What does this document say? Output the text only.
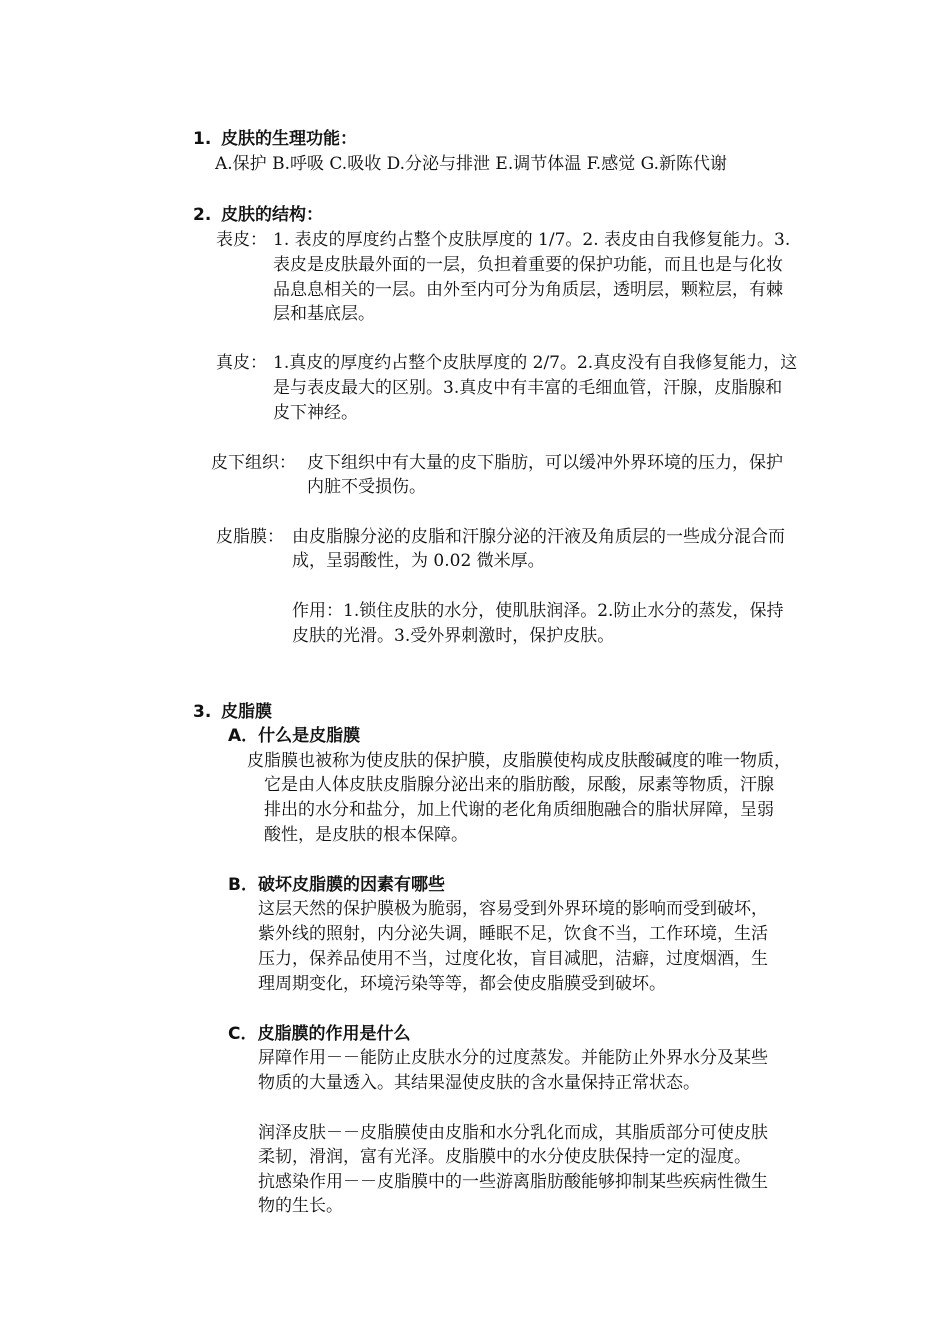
1. 皮肤的生理功能：
A.保护 B.呼吸 C.吸收 D.分泌与排泄 E.调节体温 F.感觉 G.新陈代谢
2. 皮肤的结构：
表皮： 1. 表皮的厚度约占整个皮肤厚度的 1/7。2. 表皮由自我修复能力。3.
表皮是皮肤最外面的一层，负担着重要的保护功能，而且也是与化妆
品息息相关的一层。由外至内可分为角质层，透明层，颗粒层，有棘
层和基底层。
真皮： 1.真皮的厚度约占整个皮肤厚度的 2/7。2.真皮没有自我修复能力，这
是与表皮最大的区别。3.真皮中有丰富的毛细血管，汗腺，皮脂腺和
皮下神经。
皮下组织： 皮下组织中有大量的皮下脂肪，可以缓冲外界环境的压力，保护
内脏不受损伤。
皮脂膜： 由皮脂腺分泌的皮脂和汗腺分泌的汗液及角质层的一些成分混合而
成，呈弱酸性，为 0.02 微米厚。
作用：1.锁住皮肤的水分，使肌肤润泽。2.防止水分的蒸发，保持
皮肤的光滑。3.受外界刺激时，保护皮肤。
3. 皮脂膜
A．什么是皮脂膜
皮脂膜也被称为使皮肤的保护膜，皮脂膜使构成皮肤酸碱度的唯一物质，
它是由人体皮肤皮脂腺分泌出来的脂肪酸，尿酸，尿素等物质，汗腺
排出的水分和盐分，加上代谢的老化角质细胞融合的脂状屏障，呈弱
酸性，是皮肤的根本保障。
B．破坏皮脂膜的因素有哪些
这层天然的保护膜极为脆弱，容易受到外界环境的影响而受到破坏，
紫外线的照射，内分泌失调，睡眠不足，饮食不当，工作环境，生活
压力，保养品使用不当，过度化妆，盲目减肥，洁癖，过度烟酒，生
理周期变化，环境污染等等，都会使皮脂膜受到破坏。
C．皮脂膜的作用是什么
屏障作用－－能防止皮肤水分的过度蒸发。并能防止外界水分及某些
物质的大量透入。其结果湿使皮肤的含水量保持正常状态。
润泽皮肤－－皮脂膜使由皮脂和水分乳化而成，其脂质部分可使皮肤
柔韧，滑润，富有光泽。皮脂膜中的水分使皮肤保持一定的湿度。
抗感染作用－－皮脂膜中的一些游离脂肪酸能够抑制某些疾病性微生
物的生长。
